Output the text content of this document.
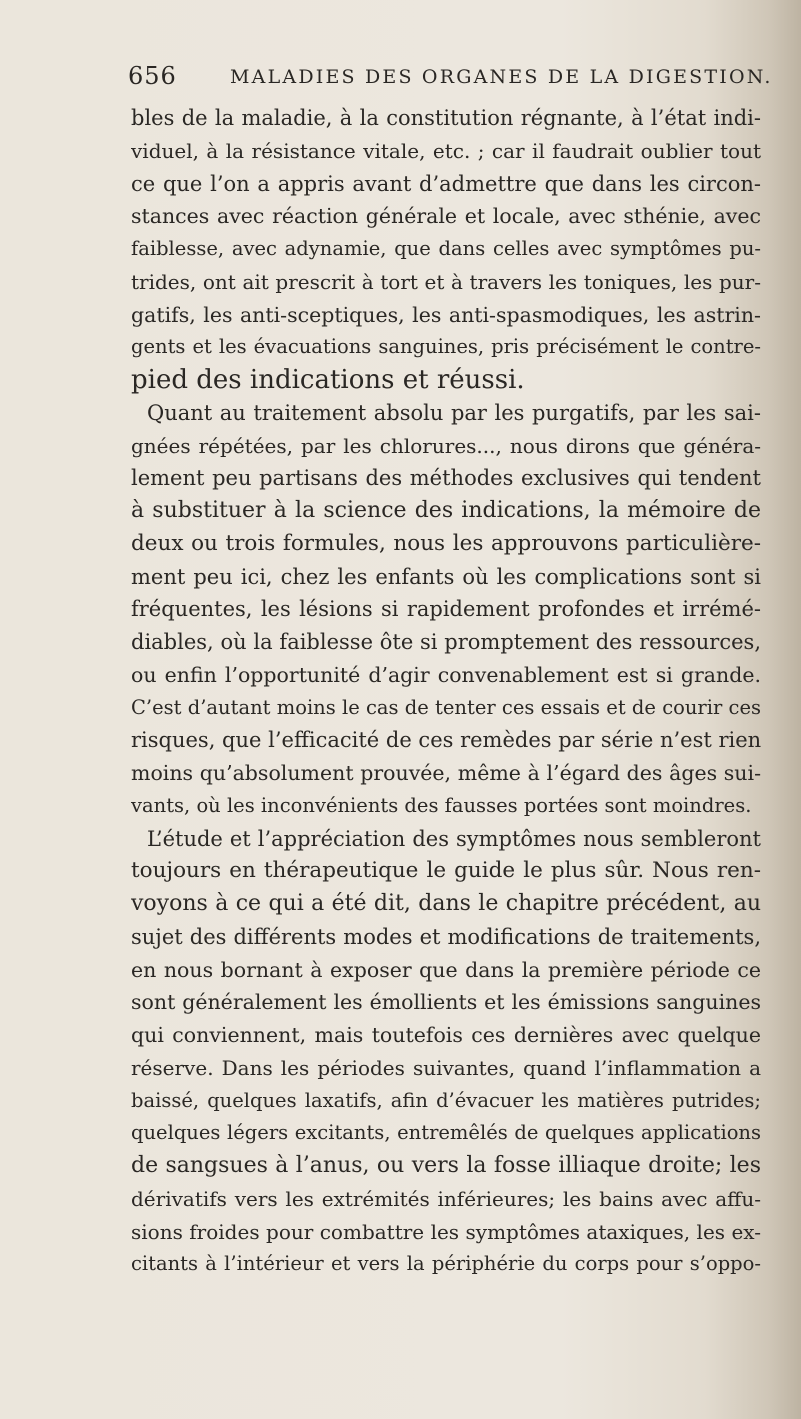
656	MALADIES DES ORGANES DE LA DIGESTION.
bles de la maladie, à la constitution régnante, à l’état indi-
viduel, à la résistance vitale, etc. ; car il faudrait oublier tout
ce que l’on a appris avant d’admettre que dans les circon-
stances avec réaction générale et locale, avec sthénie, avec
faiblesse, avec adynamie, que dans celles avec symptômes pu-
trides, ont ait prescrit à tort et à travers les toniques, les pur-
gatifs, les anti-sceptiques, les anti-spasmodiques, les astrin-
gents et les évacuations sanguines, pris précisément le contre-
pied des indications et réussi.
Quant au traitement absolu par les purgatifs, par les sai-
gnées répétées, par les chlorures..., nous dirons que généra-
lement peu partisans des méthodes exclusives qui tendent
à substituer à la science des indications, la mémoire de
deux ou trois formules, nous les approuvons particulière-
ment peu ici, chez les enfants où les complications sont si
fréquentes, les lésions si rapidement profondes et irrémé-
diables, où la faiblesse ôte si promptement des ressources,
ou enfin l’opportunité d’agir convenablement est si grande.
C’est d’autant moins le cas de tenter ces essais et de courir ces
risques, que l’efficacité de ces remèdes par série n’est rien
moins qu’absolument prouvée, même à l’égard des âges sui-
vants, où les inconvénients des fausses portées sont moindres.
L’étude et l’appréciation des symptômes nous sembleront
toujours en thérapeutique le guide le plus sûr. Nous ren-
voyons à ce qui a été dit, dans le chapitre précédent, au
sujet des différents modes et modifications de traitements,
en nous bornant à exposer que dans la première période ce
sont généralement les émollients et les émissions sanguines
qui conviennent, mais toutefois ces dernières avec quelque
réserve. Dans les périodes suivantes, quand l’inflammation a
baissé, quelques laxatifs, afin d’évacuer les matières putrides;
quelques légers excitants, entremêlés de quelques applications
de sangsues à l’anus, ou vers la fosse illiaque droite; les
dérivatifs vers les extrémités inférieures; les bains avec affu-
sions froides pour combattre les symptômes ataxiques, les ex-
citants à l’intérieur et vers la périphérie du corps pour s’oppo-
